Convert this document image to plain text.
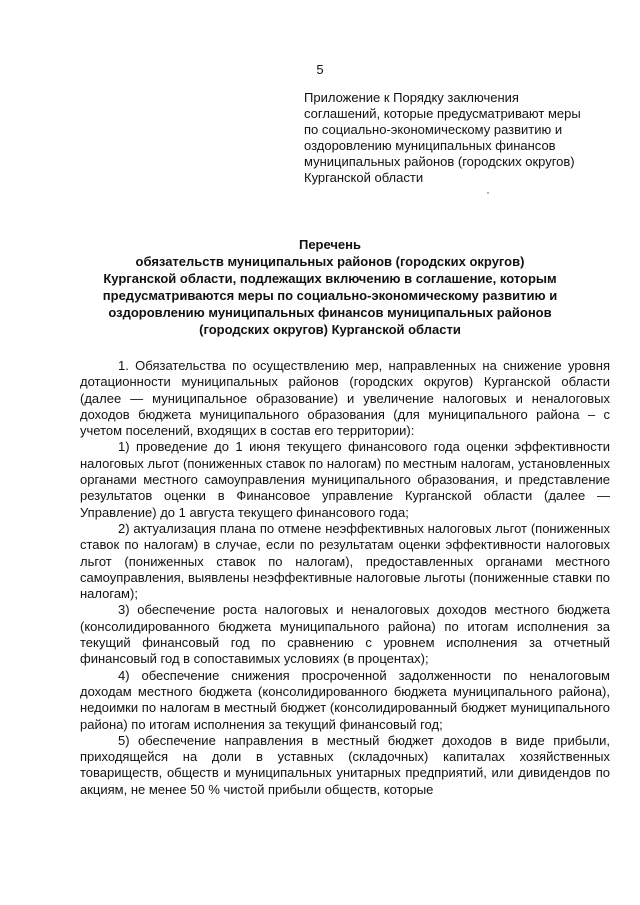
5
Приложение к Порядку заключения
соглашений, которые предусматривают меры
по социально-экономическому развитию и
оздоровлению муниципальных финансов
муниципальных районов (городских округов)
Курганской области
Перечень
обязательств муниципальных районов (городских округов)
Курганской области, подлежащих включению в соглашение, которым
предусматриваются меры по социально-экономическому развитию и
оздоровлению муниципальных финансов муниципальных районов
(городских округов) Курганской области

1. Обязательства по осуществлению мер, направленных на снижение уровня дотационности муниципальных районов (городских округов) Курганской области (далее — муниципальное образование) и увеличение налоговых и неналоговых доходов бюджета муниципального образования (для муниципального района – с учетом поселений, входящих в состав его территории):

1) проведение до 1 июня текущего финансового года оценки эффективности налоговых льгот (пониженных ставок по налогам) по местным налогам, установленных органами местного самоуправления муниципального образования, и представление результатов оценки в Финансовое управление Курганской области (далее — Управление) до 1 августа текущего финансового года;

2) актуализация плана по отмене неэффективных налоговых льгот (пониженных ставок по налогам) в случае, если по результатам оценки эффективности налоговых льгот (пониженных ставок по налогам), предоставленных органами местного самоуправления, выявлены неэффективные налоговые льготы (пониженные ставки по налогам);

3) обеспечение роста налоговых и неналоговых доходов местного бюджета (консолидированного бюджета муниципального района) по итогам исполнения за текущий финансовый год по сравнению с уровнем исполнения за отчетный финансовый год в сопоставимых условиях (в процентах);

4) обеспечение снижения просроченной задолженности по неналоговым доходам местного бюджета (консолидированного бюджета муниципального района), недоимки по налогам в местный бюджет (консолидированный бюджет муниципального района) по итогам исполнения за текущий финансовый год;

5) обеспечение направления в местный бюджет доходов в виде прибыли, приходящейся на доли в уставных (складочных) капиталах хозяйственных товариществ, обществ и муниципальных унитарных предприятий, или дивидендов по акциям, не менее 50 % чистой прибыли обществ, которые
